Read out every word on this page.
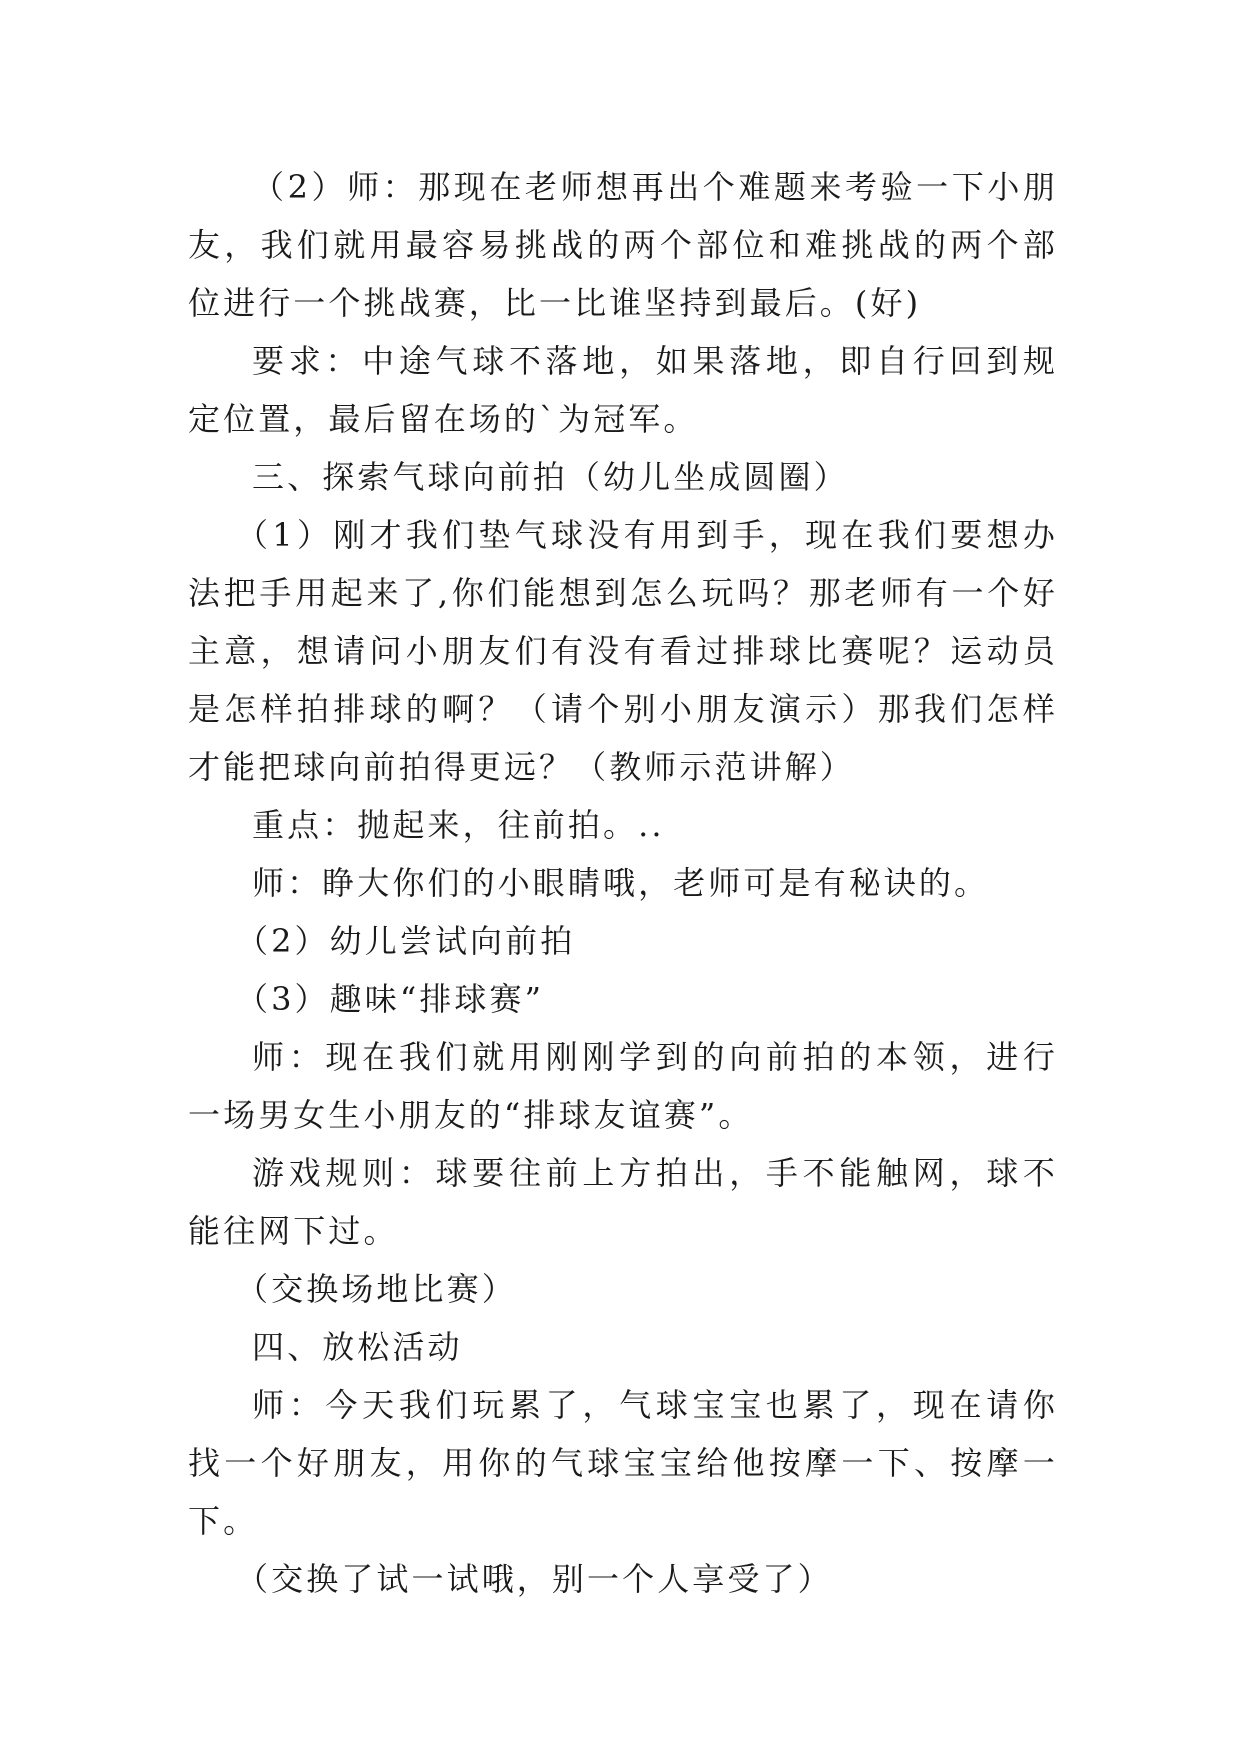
（2）师：那现在老师想再出个难题来考验一下小朋友，我们就用最容易挑战的两个部位和难挑战的两个部位进行一个挑战赛，比一比谁坚持到最后。(好)

要求：中途气球不落地，如果落地，即自行回到规定位置，最后留在场的`为冠军。

三、探索气球向前拍（幼儿坐成圆圈）

（1）刚才我们垫气球没有用到手，现在我们要想办法把手用起来了,你们能想到怎么玩吗？那老师有一个好主意，想请问小朋友们有没有看过排球比赛呢？运动员是怎样拍排球的啊？（请个别小朋友演示）那我们怎样才能把球向前拍得更远？（教师示范讲解）

重点：抛起来，往前拍。..

师：睁大你们的小眼睛哦，老师可是有秘诀的。

（2）幼儿尝试向前拍

（3）趣味“排球赛”

师：现在我们就用刚刚学到的向前拍的本领，进行一场男女生小朋友的“排球友谊赛”。

游戏规则：球要往前上方拍出，手不能触网，球不能往网下过。

（交换场地比赛）

四、放松活动

师：今天我们玩累了，气球宝宝也累了，现在请你找一个好朋友，用你的气球宝宝给他按摩一下、按摩一下。

（交换了试一试哦，别一个人享受了）
